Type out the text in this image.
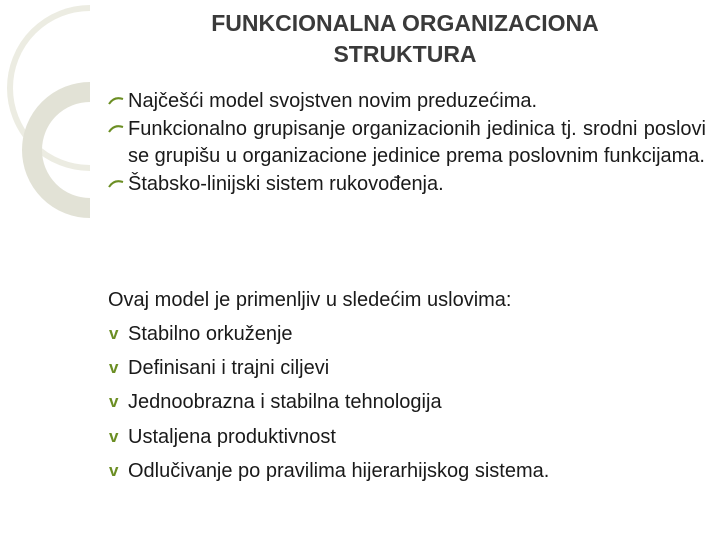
FUNKCIONALNA ORGANIZACIONA STRUKTURA
Najčešći model svojstven novim preduzećima.
Funkcionalno grupisanje organizacionih jedinica tj. srodni poslovi se grupišu u organizacione jedinice prema poslovnim funkcijama.
Štabsko-linijski sistem rukovođenja.
Ovaj model je primenljiv u sledećim uslovima:
v Stabilno orkuženje
v Definisani i trajni ciljevi
v Jednoobrazna i stabilna tehnologija
v Ustaljena produktivnost
v Odlučivanje po pravilima hijerarhijskog sistema.
